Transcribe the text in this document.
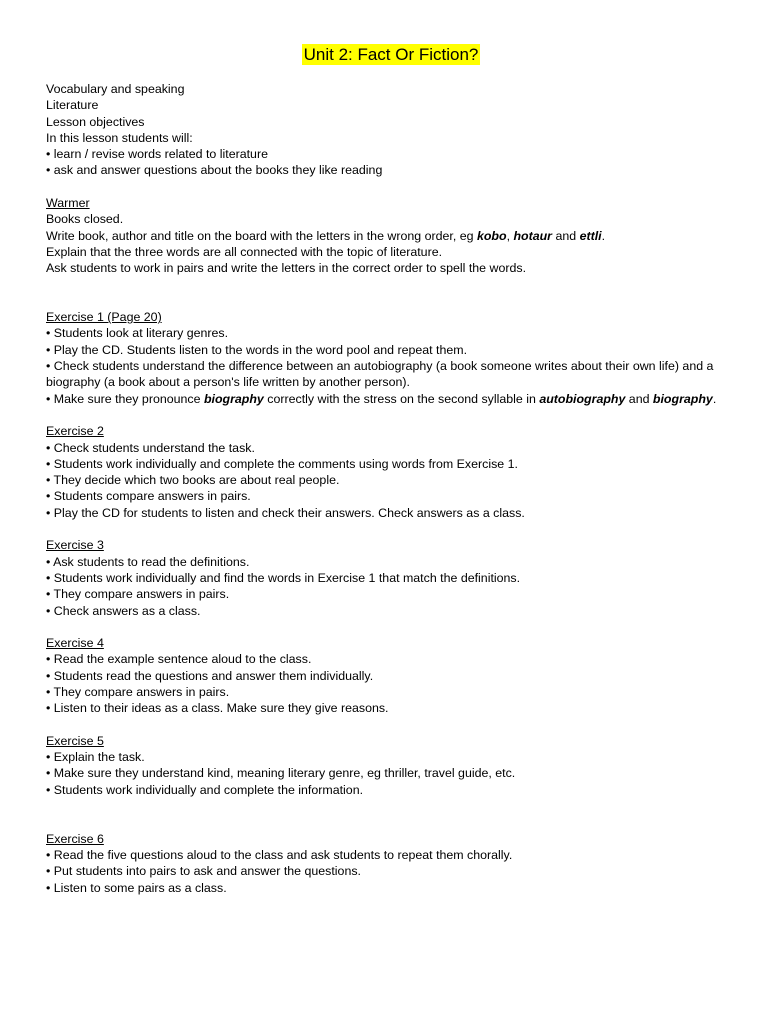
Unit 2: Fact Or Fiction?
Vocabulary and speaking
Literature
Lesson objectives
In this lesson students will:
• learn / revise words related to literature
• ask and answer questions about the books they like reading
Warmer
Books closed.
Write book, author and title on the board with the letters in the wrong order, eg kobo, hotaur and ettli.
Explain that the three words are all connected with the topic of literature.
Ask students to work in pairs and write the letters in the correct order to spell the words.
Exercise 1 (Page 20)
• Students look at literary genres.
• Play the CD. Students listen to the words in the word pool and repeat them.
• Check students understand the difference between an autobiography (a book someone writes about their own life) and a biography (a book about a person's life written by another person).
• Make sure they pronounce biography correctly with the stress on the second syllable in autobiography and biography.
Exercise 2
• Check students understand the task.
• Students work individually and complete the comments using words from Exercise 1.
• They decide which two books are about real people.
• Students compare answers in pairs.
• Play the CD for students to listen and check their answers. Check answers as a class.
Exercise 3
• Ask students to read the definitions.
• Students work individually and find the words in Exercise 1 that match the definitions.
• They compare answers in pairs.
• Check answers as a class.
Exercise 4
• Read the example sentence aloud to the class.
• Students read the questions and answer them individually.
• They compare answers in pairs.
• Listen to their ideas as a class. Make sure they give reasons.
Exercise 5
• Explain the task.
• Make sure they understand kind, meaning literary genre, eg thriller, travel guide, etc.
• Students work individually and complete the information.
Exercise 6
• Read the five questions aloud to the class and ask students to repeat them chorally.
• Put students into pairs to ask and answer the questions.
• Listen to some pairs as a class.
